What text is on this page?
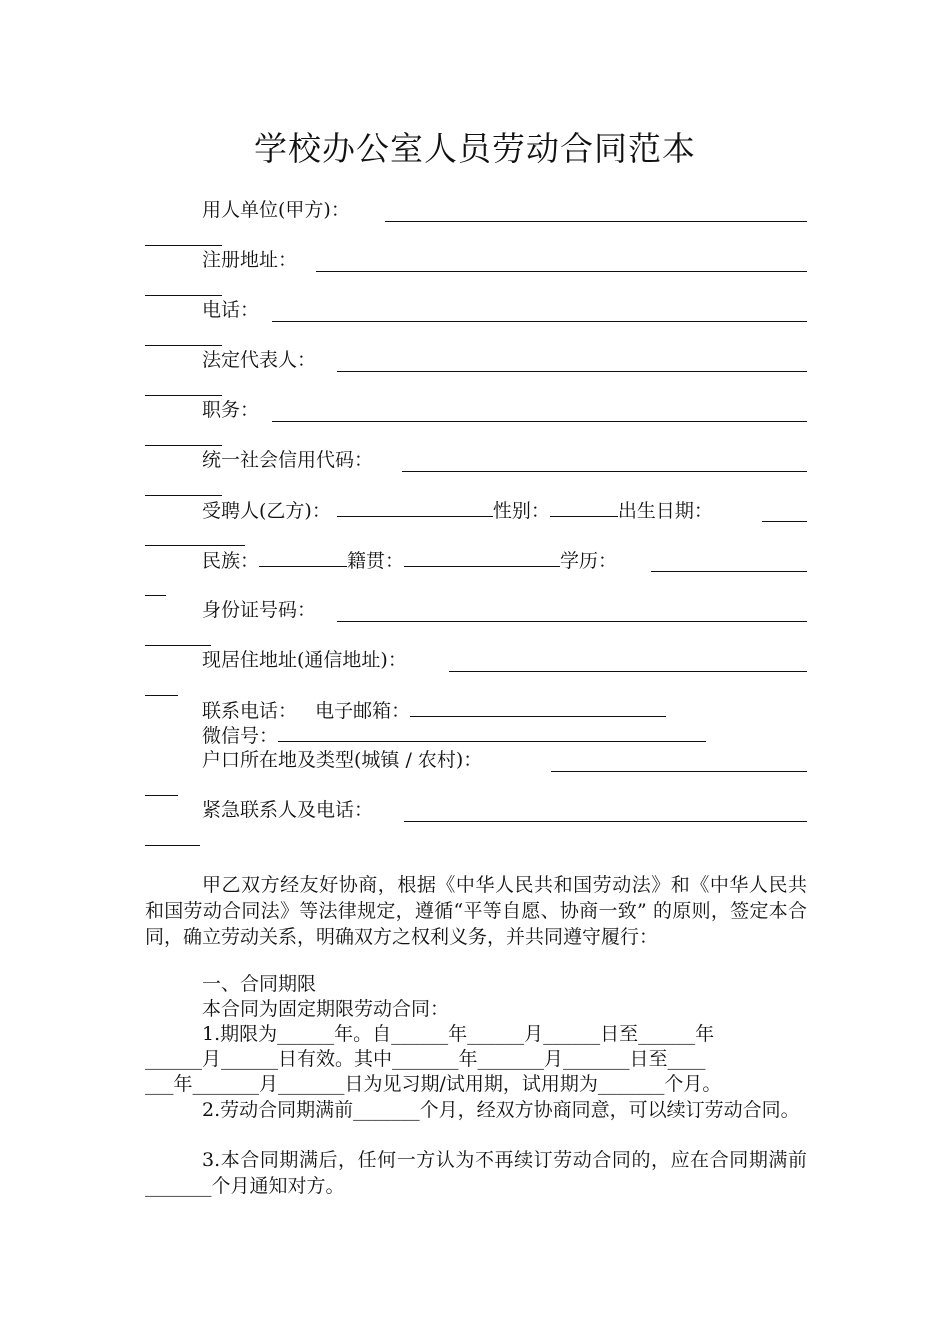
学校办公室人员劳动合同范本
用人单位(甲方)：
注册地址：
电话：
法定代表人：
职务：
统一社会信用代码：
受聘人(乙方)：	性别：	出生日期：
民族：	籍贯：	学历：
身份证号码：
现居住地址(通信地址)：
联系电话： 电子邮箱：
微信号：
户口所在地及类型(城镇 / 农村)：
紧急联系人及电话：
甲乙双方经友好协商，根据《中华人民共和国劳动法》和《中华人民共和国劳动合同法》等法律规定，遵循“平等自愿、协商一致” 的原则，签定本合同，确立劳动关系，明确双方之权利义务，并共同遵守履行：
一、合同期限
本合同为固定期限劳动合同：
1.期限为______年。自______年______月______日至______年
______月______日有效。其中_______年_______月_______日至____
___年_______月_______日为见习期/试用期，试用期为_______个月。
2.劳动合同期满前_______个月，经双方协商同意，可以续订劳动合同。
3.本合同期满后，任何一方认为不再续订劳动合同的，应在合同期满前_______个月通知对方。
